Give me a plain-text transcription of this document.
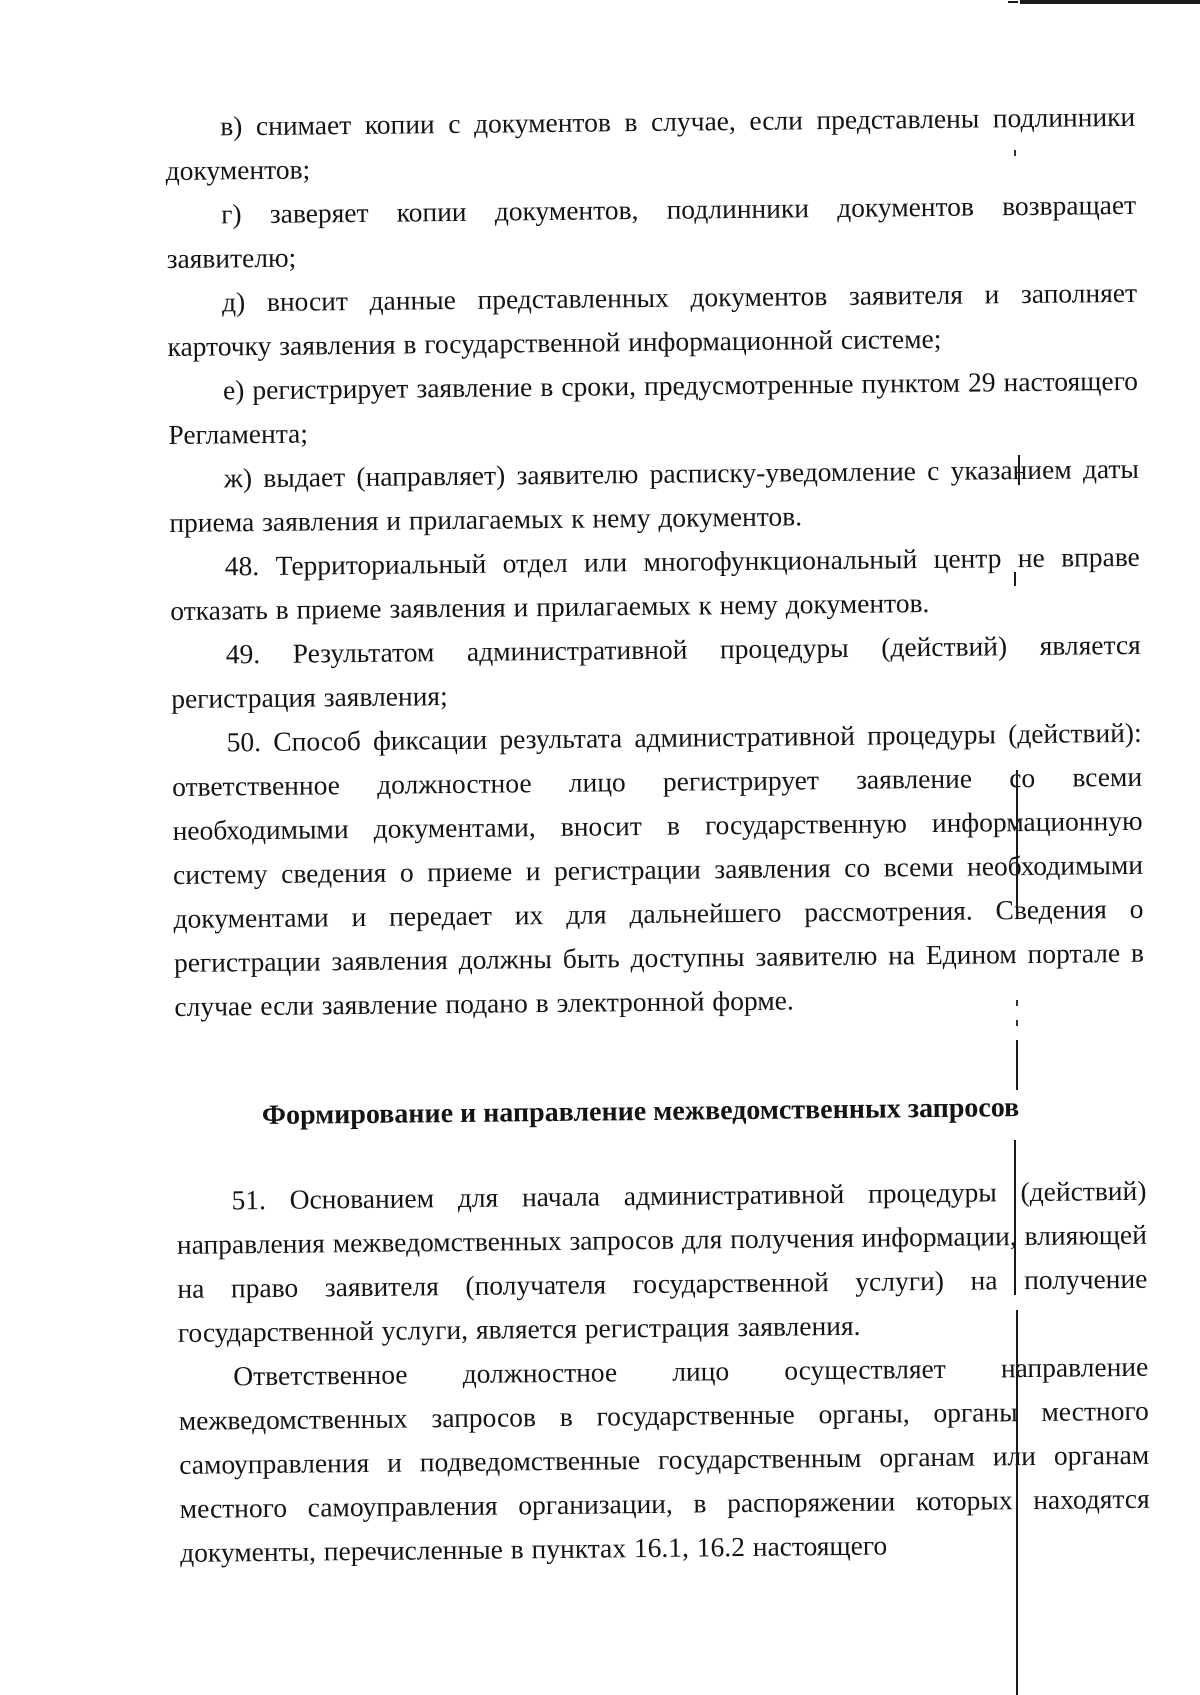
в) снимает копии с документов в случае, если представлены подлинники документов;

г) заверяет копии документов, подлинники документов возвращает заявителю;

д) вносит данные представленных документов заявителя и заполняет карточку заявления в государственной информационной системе;

е) регистрирует заявление в сроки, предусмотренные пунктом 29 настоящего Регламента;

ж) выдает (направляет) заявителю расписку-уведомление с указанием даты приема заявления и прилагаемых к нему документов.

48. Территориальный отдел или многофункциональный центр не вправе отказать в приеме заявления и прилагаемых к нему документов.

49. Результатом административной процедуры (действий) является регистрация заявления;

50. Способ фиксации результата административной процедуры (действий): ответственное должностное лицо регистрирует заявление со всеми необходимыми документами, вносит в государственную информационную систему сведения о приеме и регистрации заявления со всеми необходимыми документами и передает их для дальнейшего рассмотрения. Сведения о регистрации заявления должны быть доступны заявителю на Едином портале в случае если заявление подано в электронной форме.

Формирование и направление межведомственных запросов

51. Основанием для начала административной процедуры (действий) направления межведомственных запросов для получения информации, влияющей на право заявителя (получателя государственной услуги) на получение государственной услуги, является регистрация заявления.

Ответственное должностное лицо осуществляет направление межведомственных запросов в государственные органы, органы местного самоуправления и подведомственные государственным органам или органам местного самоуправления организации, в распоряжении которых находятся документы, перечисленные в пунктах 16.1, 16.2 настоящего
